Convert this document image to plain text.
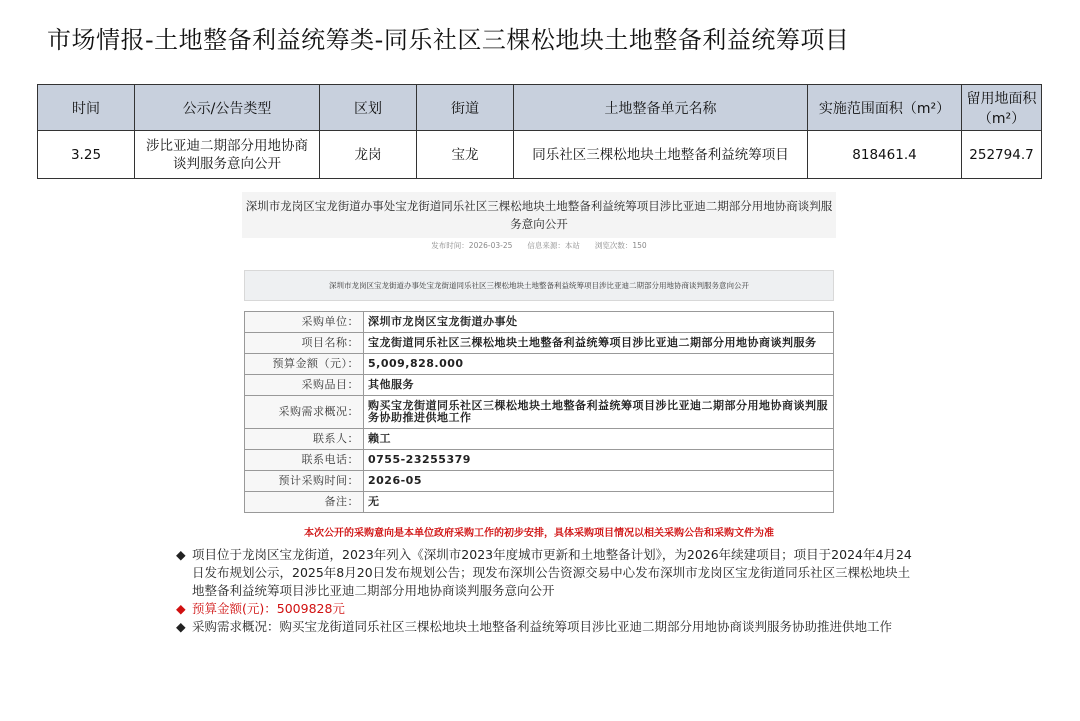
市场情报-土地整备利益统筹类-同乐社区三棵松地块土地整备利益统筹项目
时间	公示/公告类型	区划	街道	土地整备单元名称	实施范围面积（m²）	留用地面积（m²）
3.25	涉比亚迪二期部分用地协商谈判服务意向公开	龙岗	宝龙	同乐社区三棵松地块土地整备利益统筹项目	818461.4	252794.7
深圳市龙岗区宝龙街道办事处宝龙街道同乐社区三棵松地块土地整备利益统筹项目涉比亚迪二期部分用地协商谈判服务意向公开
发布时间：2026-03-25　　信息来源：本站　　浏览次数：150
深圳市龙岗区宝龙街道办事处宝龙街道同乐社区三棵松地块土地整备利益统筹项目涉比亚迪二期部分用地协商谈判服务意向公开
采购单位：	深圳市龙岗区宝龙街道办事处
项目名称：	宝龙街道同乐社区三棵松地块土地整备利益统筹项目涉比亚迪二期部分用地协商谈判服务
预算金额（元）：	5,009,828.000
采购品目：	其他服务
采购需求概况：	购买宝龙街道同乐社区三棵松地块土地整备利益统筹项目涉比亚迪二期部分用地协商谈判服务协助推进供地工作
联系人：	赖工
联系电话：	0755-23255379
预计采购时间：	2026-05
备注：	无
本次公开的采购意向是本单位政府采购工作的初步安排，具体采购项目情况以相关采购公告和采购文件为准
◆ 项目位于龙岗区宝龙街道，2023年列入《深圳市2023年度城市更新和土地整备计划》，为2026年续建项目；项目于2024年4月24日发布规划公示，2025年8月20日发布规划公告；现发布深圳公告资源交易中心发布深圳市龙岗区宝龙街道同乐社区三棵松地块土地整备利益统筹项目涉比亚迪二期部分用地协商谈判服务意向公开
◆ 预算金额(元)：5009828元
◆ 采购需求概况：购买宝龙街道同乐社区三棵松地块土地整备利益统筹项目涉比亚迪二期部分用地协商谈判服务协助推进供地工作
